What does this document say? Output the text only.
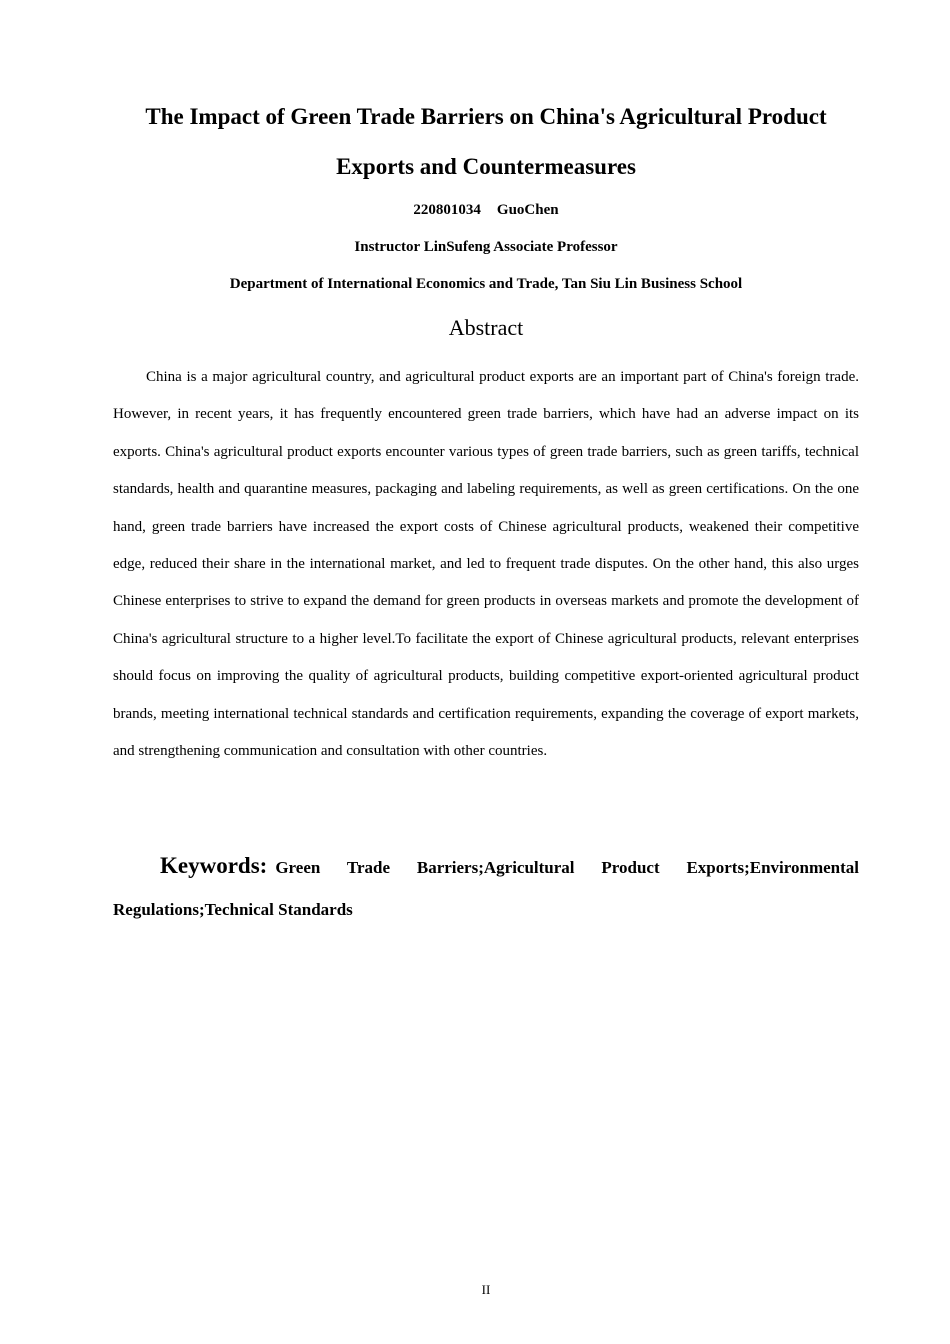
The Impact of Green Trade Barriers on China's Agricultural Product
Exports and Countermeasures

220801034 GuoChen

Instructor LinSufeng Associate Professor

Department of International Economics and Trade, Tan Siu Lin Business School

Abstract

China is a major agricultural country, and agricultural product exports are an important part of China's foreign trade. However, in recent years, it has frequently encountered green trade barriers, which have had an adverse impact on its exports. China's agricultural product exports encounter various types of green trade barriers, such as green tariffs, technical standards, health and quarantine measures, packaging and labeling requirements, as well as green certifications. On the one hand, green trade barriers have increased the export costs of Chinese agricultural products, weakened their competitive edge, reduced their share in the international market, and led to frequent trade disputes. On the other hand, this also urges Chinese enterprises to strive to expand the demand for green products in overseas markets and promote the development of China's agricultural structure to a higher level.To facilitate the export of Chinese agricultural products, relevant enterprises should focus on improving the quality of agricultural products, building competitive export-oriented agricultural product brands, meeting international technical standards and certification requirements, expanding the coverage of export markets, and strengthening communication and consultation with other countries.

Keywords: Green Trade Barriers;Agricultural Product Exports;Environmental Regulations;Technical Standards

II
